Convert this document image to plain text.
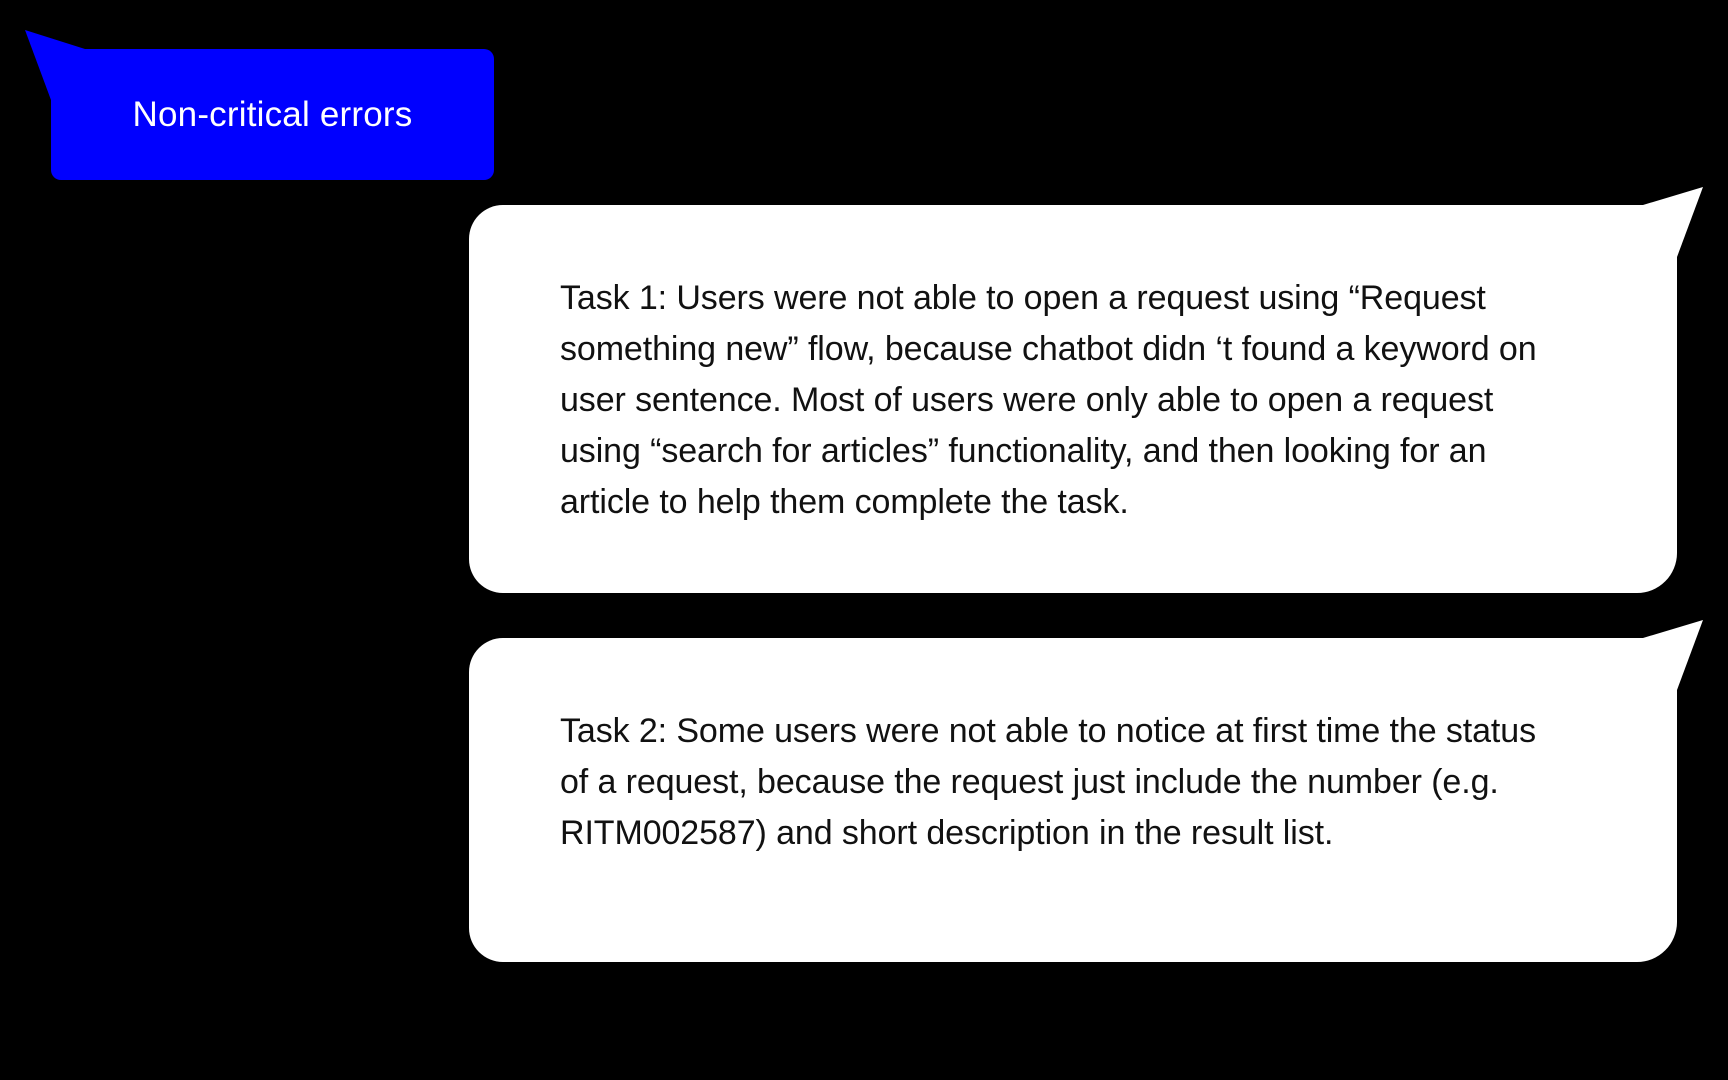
Non-critical errors

Task 1: Users were not able to open a request using “Request something new” flow, because chatbot didn ‘t found a keyword on user sentence. Most of users were only able to open a request using “search for articles” functionality, and then looking for an article to help them complete the task.

Task 2: Some users were not able to notice at first time the status of a request, because the request just include the number (e.g. RITM002587) and short description in the result list.
